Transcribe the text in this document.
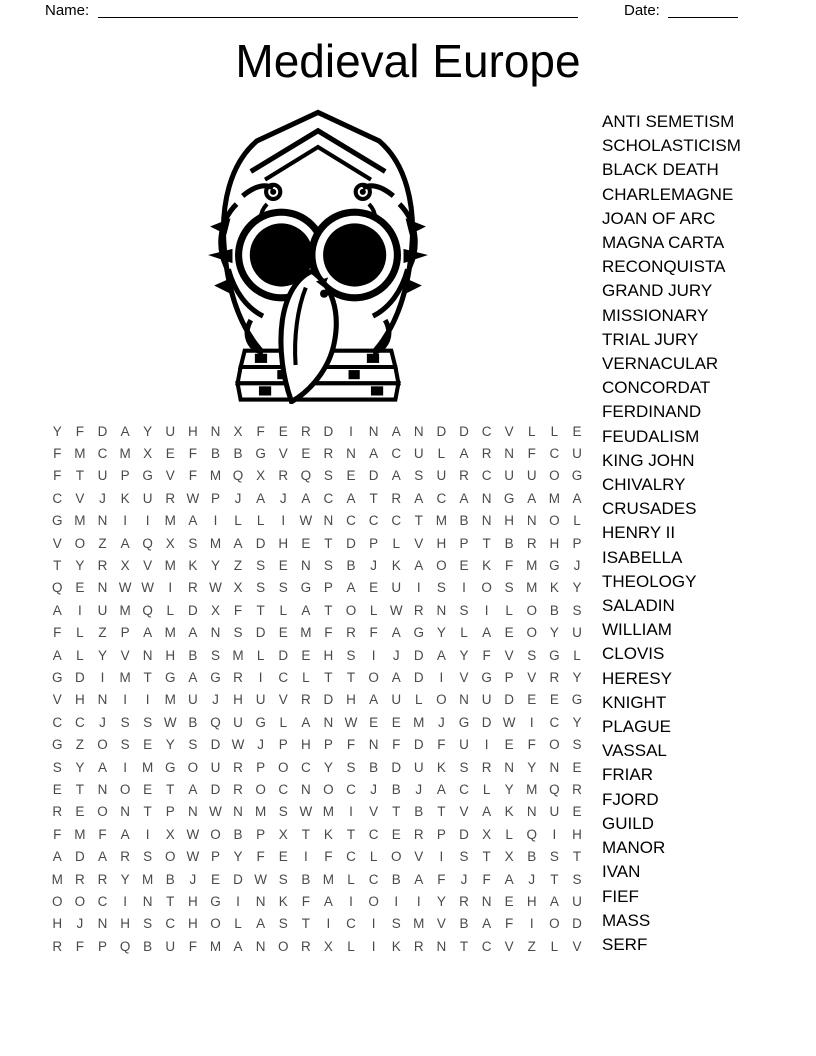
Name:	Date:
Medieval Europe
Y	F	D A	Y U H N X	F	E R D	I	N A N D D C V	L	L	E
F M C M X	E	F	B	B G V	E R N A C U	L	A R N	F	C U
F	T	U P G V	F M Q X R Q S	E D A	S U R C U U O G
C V	J	K U R W P	J	A	J	A C A	T	R A C A N G A M A
G M N	I	I	M A	I	L	L	I	W N C C C	T M B N H N O	L
V O Z	A Q X	S M A D H E	T	D P	L	V H P	T	B R H P
T	Y R X	V M K	Y	Z	S	E N S	B	J	K	A O E	K	F M G	J
Q E N W W	I	R W X	S	S G P	A	E U	I	S	I	O S M K	Y
A	I	U M Q	L	D X	F	T	L	A	T O	L W R N S	I	L	O B	S
F	L	Z	P	A M A N S D E M F	R	F	A G Y	L	A	E O Y U
A	L	Y	V N H B	S M L	D E H S	I	J	D A	Y	F	V	S G	L
G D	I	M T G A G R	I	C	L	T	T O A D	I	V G P	V R Y
V H N	I	I	M U	J	H U V R D H A U	L	O N U D E	E G
C C	J	S	S W B Q U G	L	A N W E	E M	J	G D W	I	C Y
G Z O S	E	Y	S D W J	P H P	F	N	F	D	F	U	I	E	F O S
S	Y	A	I	M G O U R P O C Y	S	B D U K	S R N Y N E
E	T	N O E	T	A D R O C N O C	J	B	J	A C	L	Y M Q R
R E O N	T	P N W N M S W M	I	V	T	B	T	V	A	K N U E
F M F	A	I	X W O B	P	X	T	K	T	C E R P D X	L	Q	I	H
A D A R S O W P	Y	F	E	I	F	C	L	O V	I	S	T	X	B	S	T
M R R Y M B	J	E D W S	B M L	C B	A	F	J	F	A	J	T	S
O O C	I	N	T	H G	I	N K	F	A	I	O	I	I	Y R N E H A U
H	J	N H S C H O	L	A	S	T	I	C	I	S M V	B	A	F	I	O D
R	F	P Q B U	F M A N O R X	L	I	K R N	T	C V	Z	L	V
ANTI SEMETISM
SCHOLASTICISM
BLACK DEATH
CHARLEMAGNE
JOAN OF ARC
MAGNA CARTA
RECONQUISTA
GRAND JURY
MISSIONARY
TRIAL JURY
VERNACULAR
CONCORDAT
FERDINAND
FEUDALISM
KING JOHN
CHIVALRY
CRUSADES
HENRY II
ISABELLA
THEOLOGY
SALADIN
WILLIAM
CLOVIS
HERESY
KNIGHT
PLAGUE
VASSAL
FRIAR
FJORD
GUILD
MANOR
IVAN
FIEF
MASS
SERF
